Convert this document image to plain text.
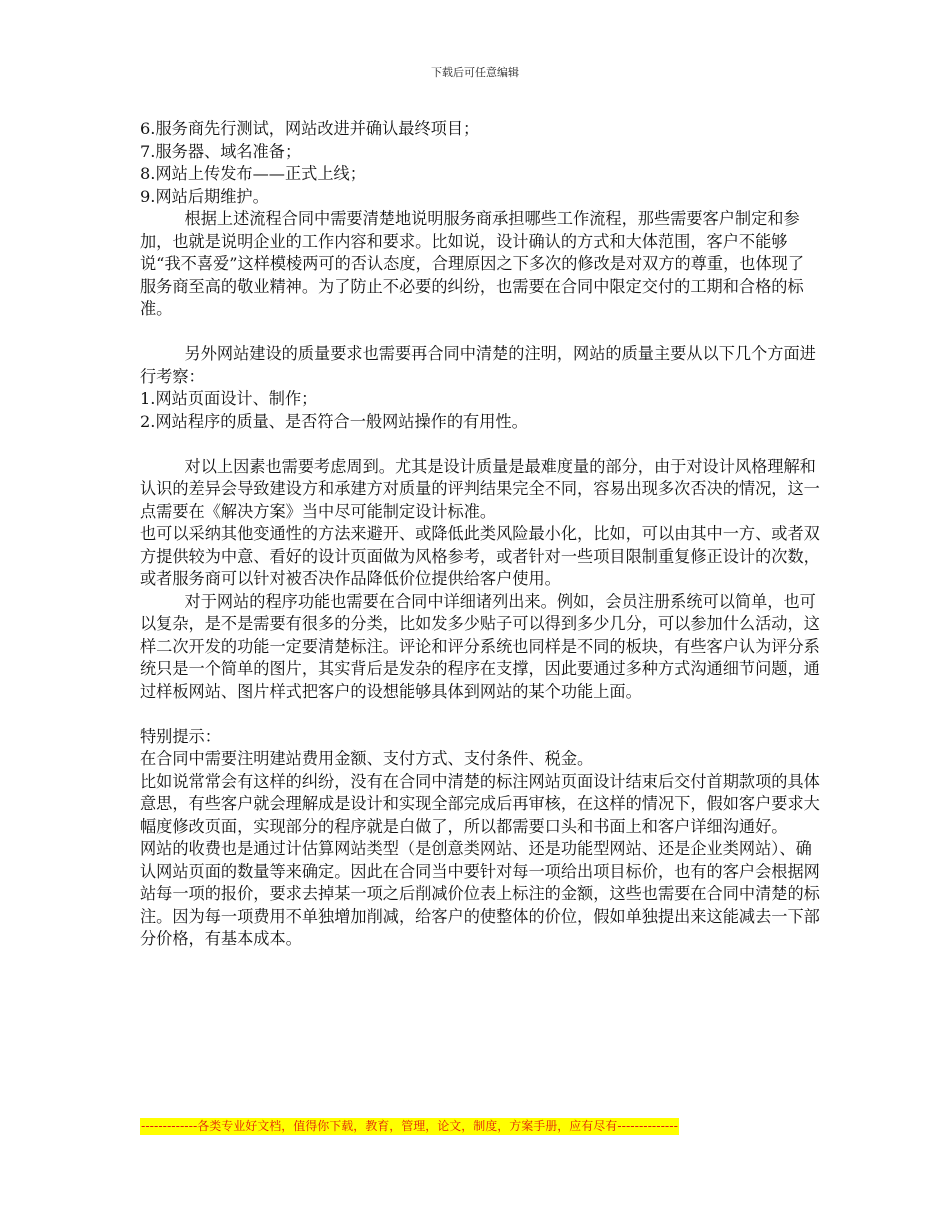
下载后可任意编辑

6.服务商先行测试，网站改进并确认最终项目；

7.服务器、域名准备；

8.网站上传发布——正式上线；

9.网站后期维护。

根据上述流程合同中需要清楚地说明服务商承担哪些工作流程，那些需要客户制定和参加，也就是说明企业的工作内容和要求。比如说，设计确认的方式和大体范围，客户不能够说“我不喜爱”这样模棱两可的否认态度，合理原因之下多次的修改是对双方的尊重，也体现了服务商至高的敬业精神。为了防止不必要的纠纷，也需要在合同中限定交付的工期和合格的标准。

另外网站建设的质量要求也需要再合同中清楚的注明，网站的质量主要从以下几个方面进行考察：

1.网站页面设计、制作；

2.网站程序的质量、是否符合一般网站操作的有用性。

对以上因素也需要考虑周到。尤其是设计质量是最难度量的部分，由于对设计风格理解和认识的差异会导致建设方和承建方对质量的评判结果完全不同，容易出现多次否决的情况，这一点需要在《解决方案》当中尽可能制定设计标准。

也可以采纳其他变通性的方法来避开、或降低此类风险最小化，比如，可以由其中一方、或者双方提供较为中意、看好的设计页面做为风格参考，或者针对一些项目限制重复修正设计的次数，或者服务商可以针对被否决作品降低价位提供给客户使用。

对于网站的程序功能也需要在合同中详细诸列出来。例如，会员注册系统可以简单，也可以复杂，是不是需要有很多的分类，比如发多少贴子可以得到多少几分，可以参加什么活动，这样二次开发的功能一定要清楚标注。评论和评分系统也同样是不同的板块，有些客户认为评分系统只是一个简单的图片，其实背后是发杂的程序在支撑，因此要通过多种方式沟通细节问题，通过样板网站、图片样式把客户的设想能够具体到网站的某个功能上面。

特别提示：

在合同中需要注明建站费用金额、支付方式、支付条件、税金。

比如说常常会有这样的纠纷，没有在合同中清楚的标注网站页面设计结束后交付首期款项的具体意思，有些客户就会理解成是设计和实现全部完成后再审核，在这样的情况下，假如客户要求大幅度修改页面，实现部分的程序就是白做了，所以都需要口头和书面上和客户详细沟通好。

网站的收费也是通过计估算网站类型（是创意类网站、还是功能型网站、还是企业类网站）、确认网站页面的数量等来确定。因此在合同当中要针对每一项给出项目标价，也有的客户会根据网站每一项的报价，要求去掉某一项之后削减价位表上标注的金额，这些也需要在合同中清楚的标注。因为每一项费用不单独增加削减，给客户的使整体的价位，假如单独提出来这能减去一下部分价格，有基本成本。

-------------各类专业好文档，值得你下载，教育，管理，论文，制度，方案手册，应有尽有--------------
